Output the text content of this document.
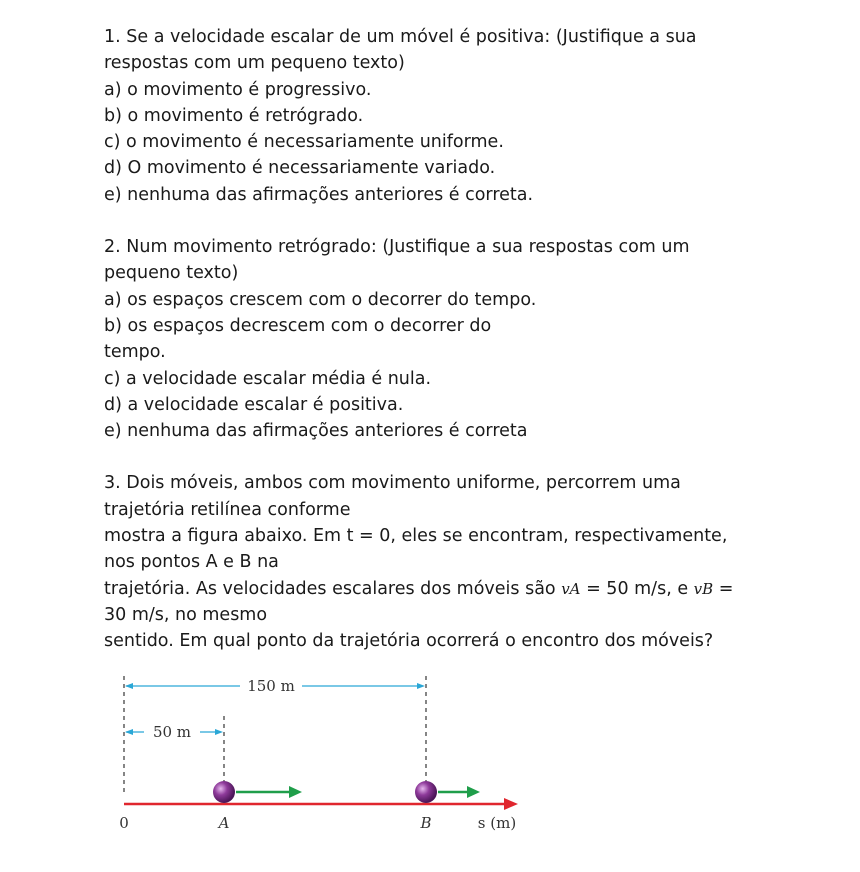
1. Se a velocidade escalar de um móvel é positiva: (Justifique a sua

respostas com um pequeno texto)

a) o movimento é progressivo.

b) o movimento é retrógrado.

c) o movimento é necessariamente uniforme.

d) O movimento é necessariamente variado.

e) nenhuma das afirmações anteriores é correta.

2. Num movimento retrógrado: (Justifique a sua respostas com um

pequeno texto)

a) os espaços crescem com o decorrer do tempo.

b) os espaços decrescem com o decorrer do

tempo.

c) a velocidade escalar média é nula.

d) a velocidade escalar é positiva.

e) nenhuma das afirmações anteriores é correta

3. Dois móveis, ambos com movimento uniforme, percorrem uma

trajetória retilínea conforme

mostra a figura abaixo. Em t = 0, eles se encontram, respectivamente,

nos pontos A e B na

trajetória. As velocidades escalares dos móveis são vA = 50 m/s, e vB =

30 m/s, no mesmo

sentido. Em qual ponto da trajetória ocorrerá o encontro dos móveis?

150 m
50 m
0	A	B	s (m)
